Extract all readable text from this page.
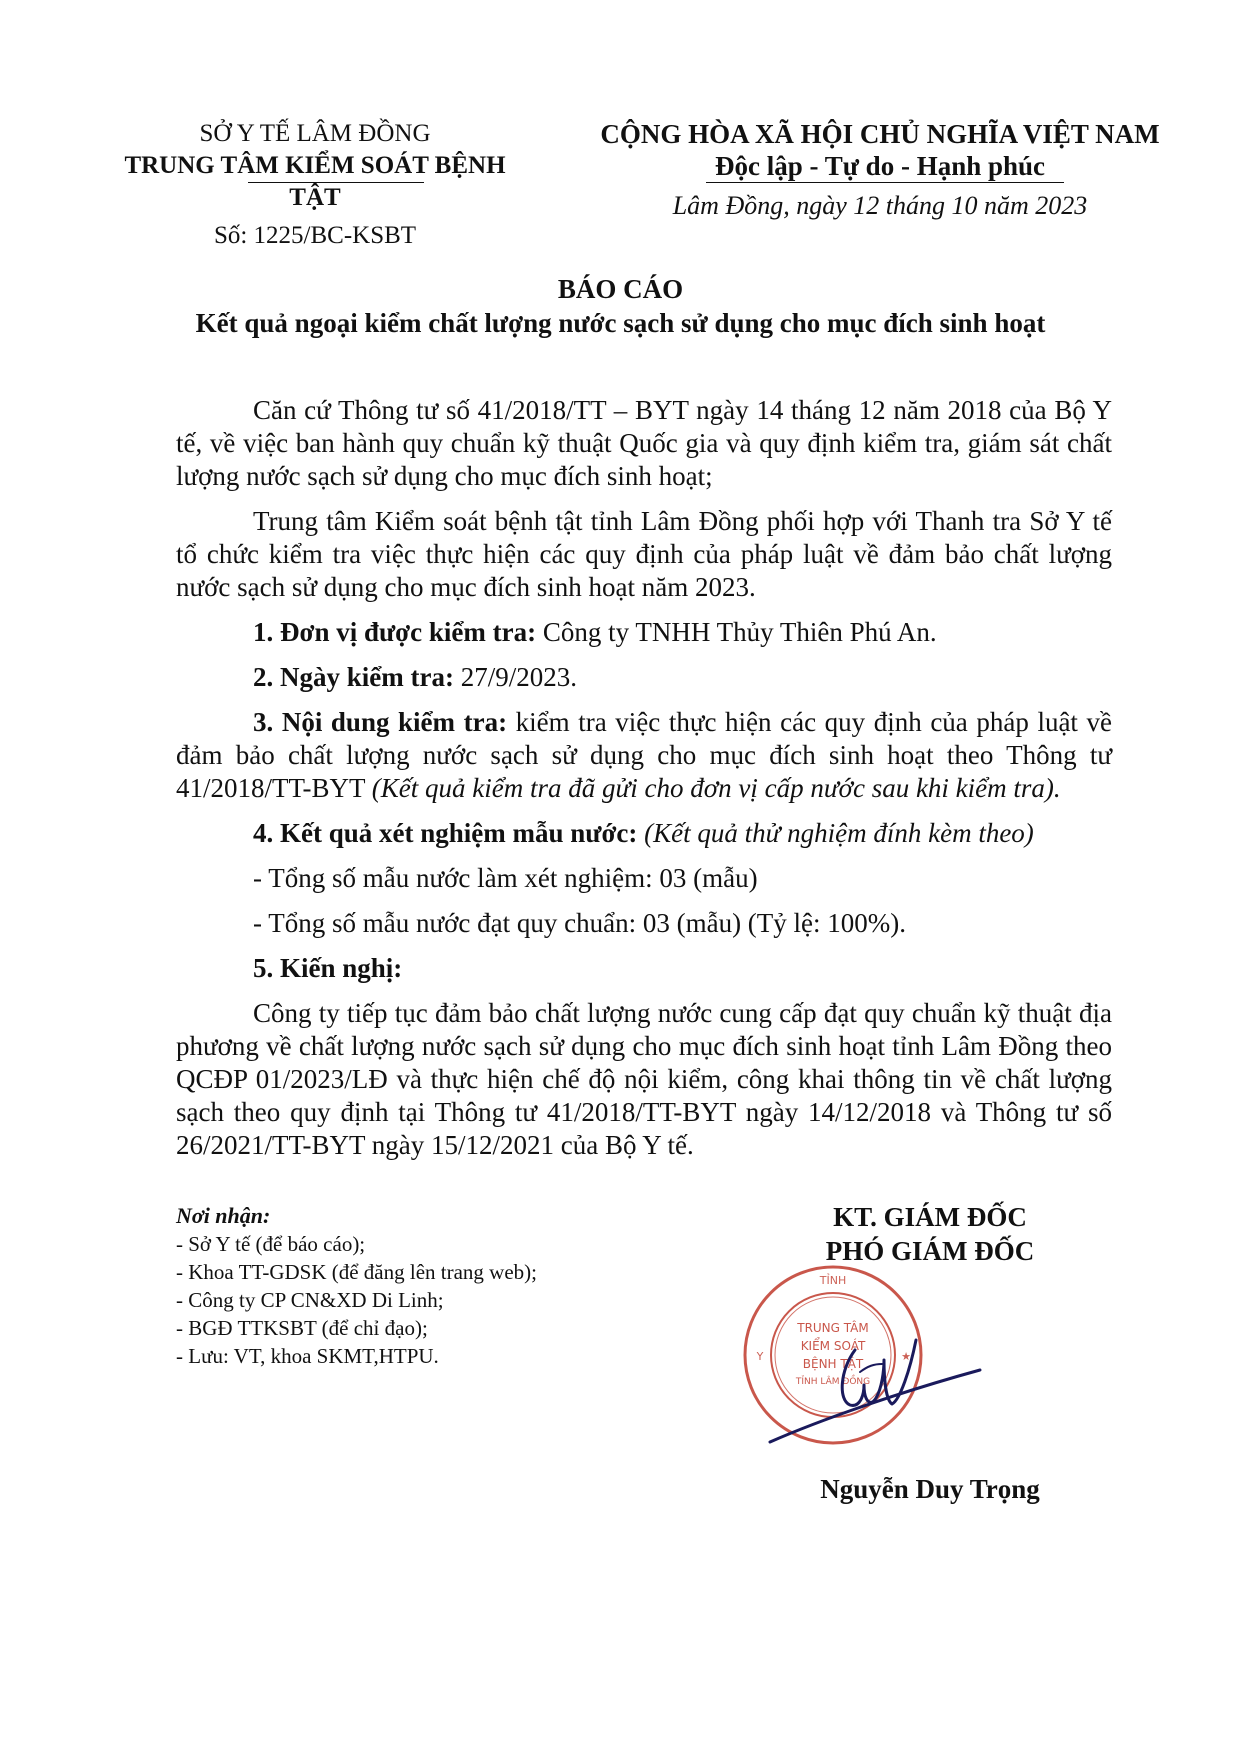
SỞ Y TẾ LÂM ĐỒNG
TRUNG TÂM KIỂM SOÁT BỆNH TẬT
Số: 1225/BC-KSBT
CỘNG HÒA XÃ HỘI CHỦ NGHĨA VIỆT NAM
Độc lập - Tự do - Hạnh phúc
Lâm Đồng, ngày 12 tháng 10 năm 2023
BÁO CÁO
Kết quả ngoại kiểm chất lượng nước sạch sử dụng cho mục đích sinh hoạt

Căn cứ Thông tư số 41/2018/TT – BYT ngày 14 tháng 12 năm 2018 của Bộ Y tế, về việc ban hành quy chuẩn kỹ thuật Quốc gia và quy định kiểm tra, giám sát chất lượng nước sạch sử dụng cho mục đích sinh hoạt;

Trung tâm Kiểm soát bệnh tật tỉnh Lâm Đồng phối hợp với Thanh tra Sở Y tế tổ chức kiểm tra việc thực hiện các quy định của pháp luật về đảm bảo chất lượng nước sạch sử dụng cho mục đích sinh hoạt năm 2023.

1. Đơn vị được kiểm tra: Công ty TNHH Thủy Thiên Phú An.

2. Ngày kiểm tra: 27/9/2023.

3. Nội dung kiểm tra: kiểm tra việc thực hiện các quy định của pháp luật về đảm bảo chất lượng nước sạch sử dụng cho mục đích sinh hoạt theo Thông tư 41/2018/TT-BYT (Kết quả kiểm tra đã gửi cho đơn vị cấp nước sau khi kiểm tra).

4. Kết quả xét nghiệm mẫu nước: (Kết quả thử nghiệm đính kèm theo)

- Tổng số mẫu nước làm xét nghiệm: 03 (mẫu)

- Tổng số mẫu nước đạt quy chuẩn: 03 (mẫu) (Tỷ lệ: 100%).

5. Kiến nghị:

Công ty tiếp tục đảm bảo chất lượng nước cung cấp đạt quy chuẩn kỹ thuật địa phương về chất lượng nước sạch sử dụng cho mục đích sinh hoạt tỉnh Lâm Đồng theo QCĐP 01/2023/LĐ và thực hiện chế độ nội kiểm, công khai thông tin về chất lượng sạch theo quy định tại Thông tư 41/2018/TT-BYT ngày 14/12/2018 và Thông tư số 26/2021/TT-BYT ngày 15/12/2021 của Bộ Y tế.

Nơi nhận:
- Sở Y tế (để báo cáo);
- Khoa TT-GDSK (để đăng lên trang web);
- Công ty CP CN&XD Di Linh;
- BGĐ TTKSBT (để chỉ đạo);
- Lưu: VT, khoa SKMT,HTPU.
KT. GIÁM ĐỐC
PHÓ GIÁM ĐỐC
TRUNG TÂM
KIỂM SOÁT
BỆNH TẬT
TỈNH LÂM ĐỒNG
TỈNH
Y	★
Nguyễn Duy Trọng
